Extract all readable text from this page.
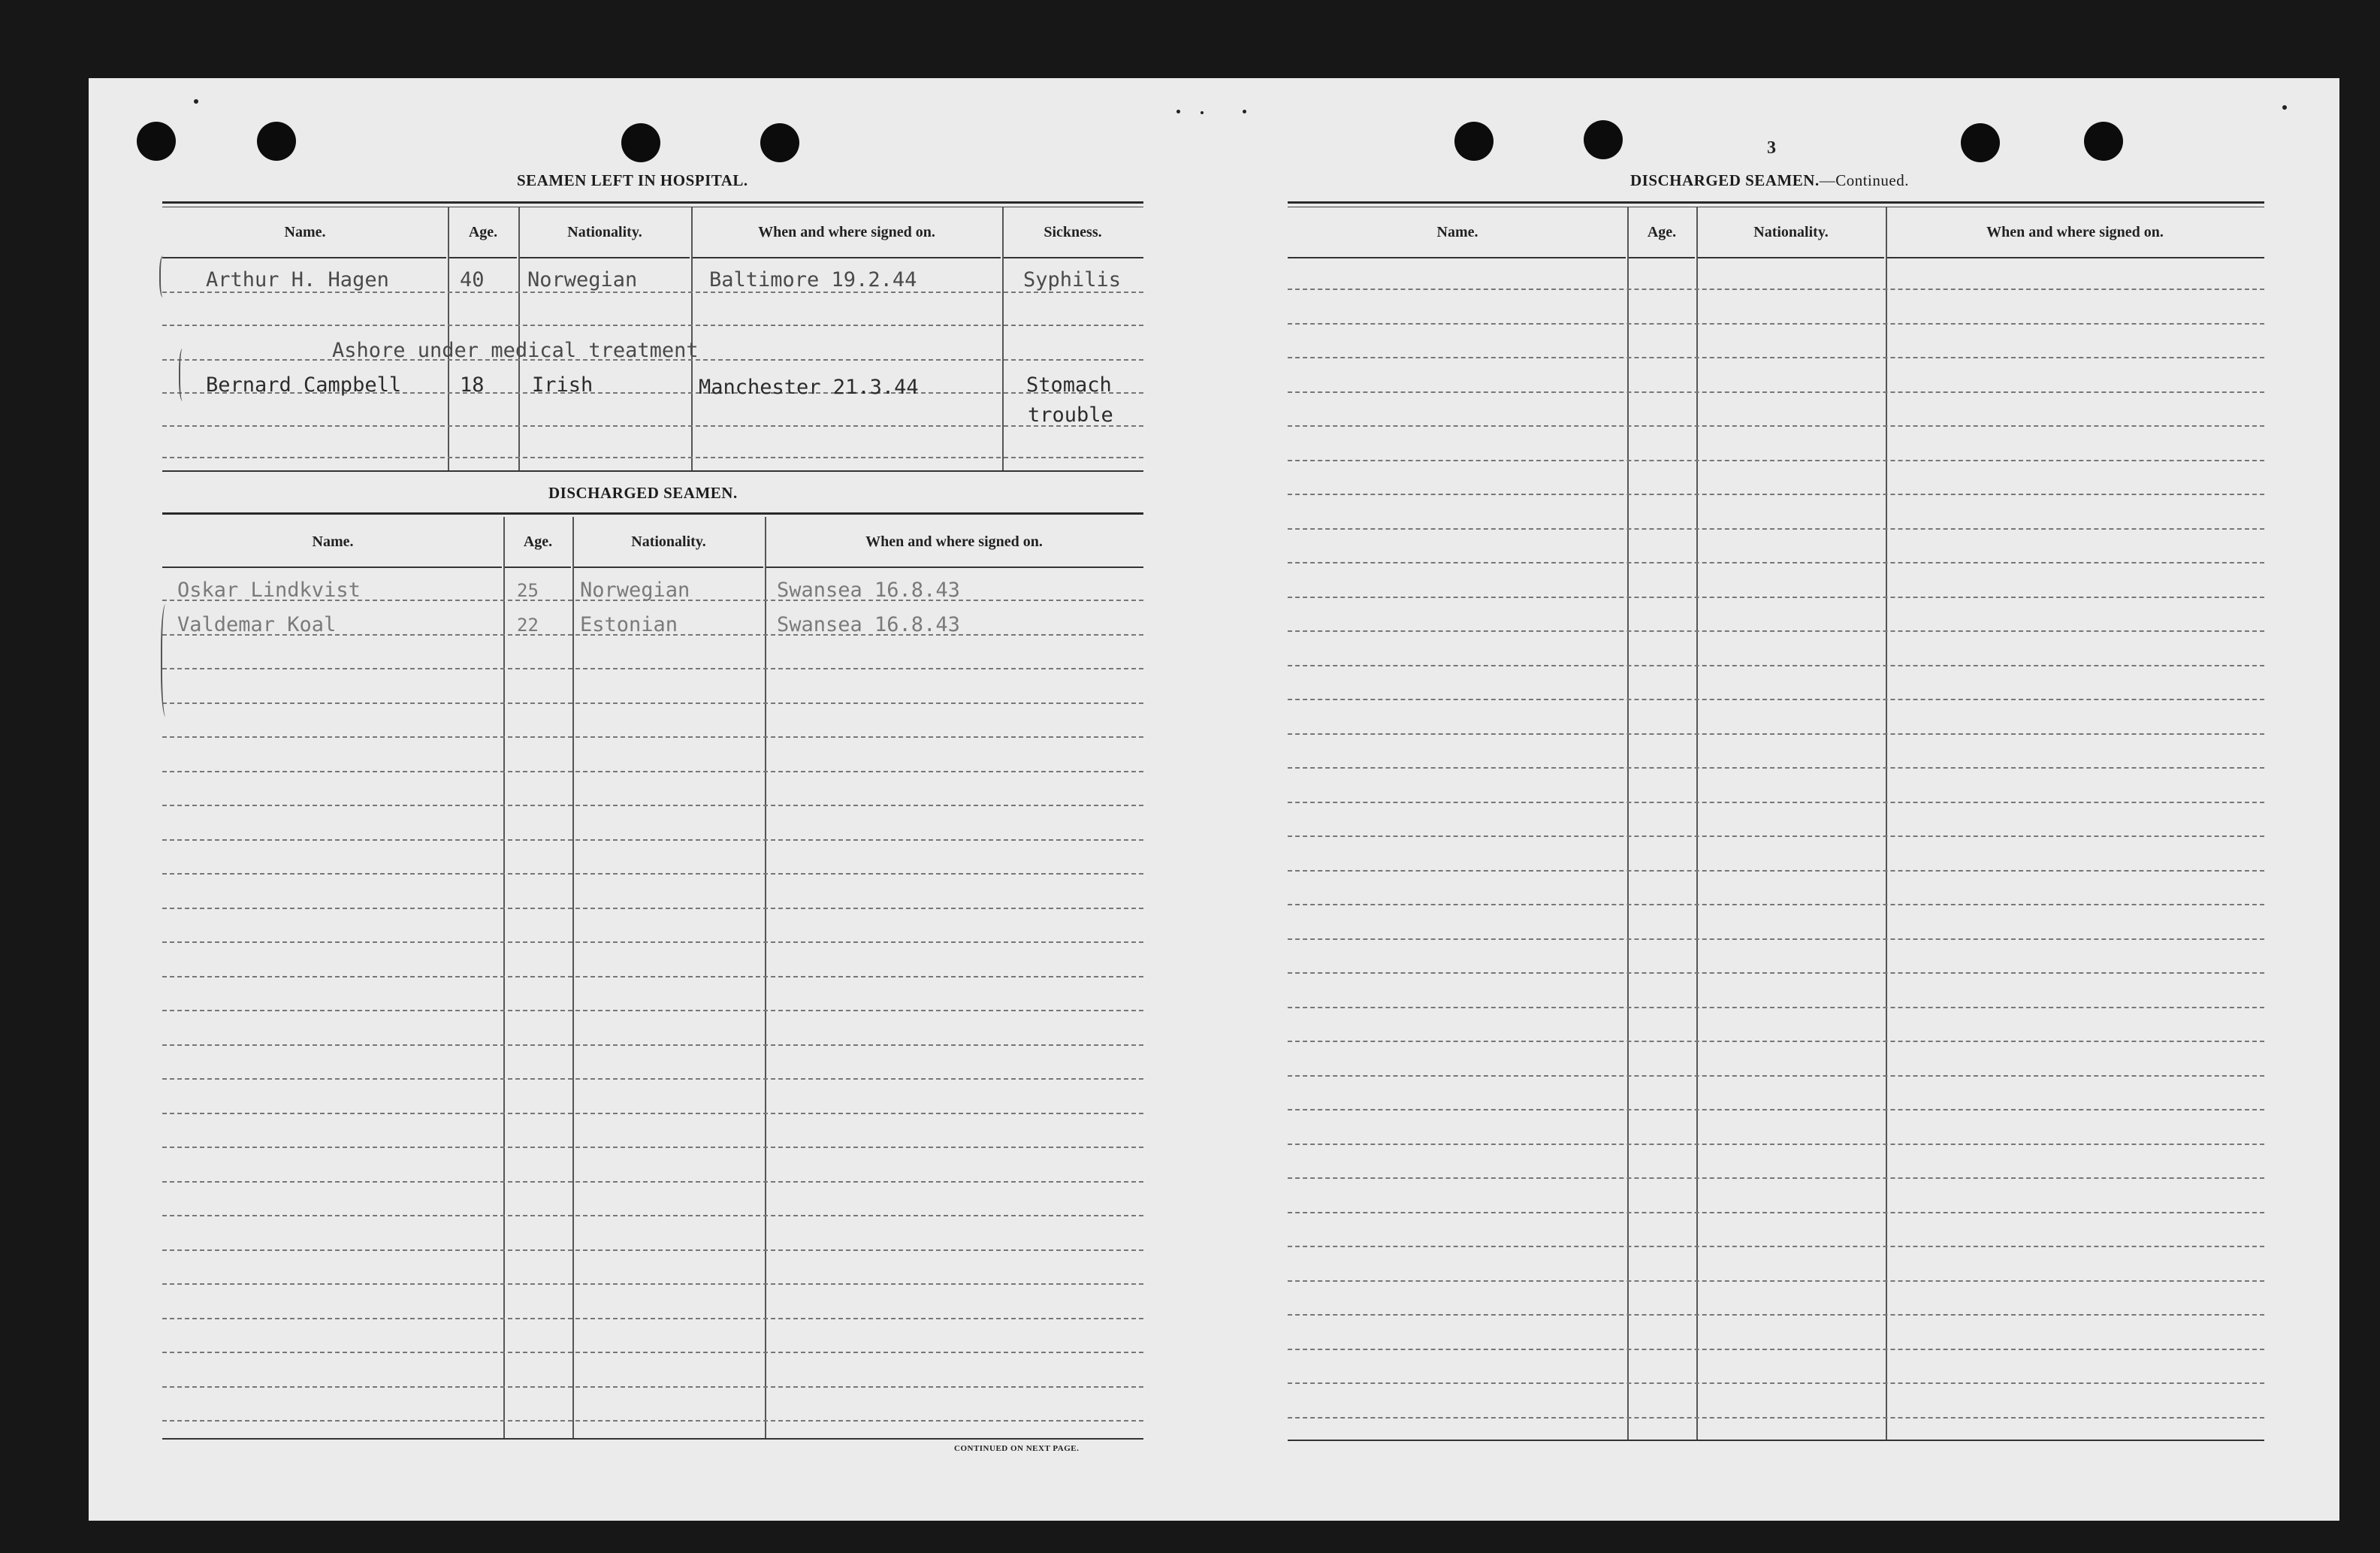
SEAMEN LEFT IN HOSPITAL.
Name.	Age.	Nationality.	When and where signed on.	Sickness.
Arthur H. Hagen	40 Norwegian	Baltimore 19.2.44	Syphilis
Ashore under medical treatment
Bernard Campbell	18 Irish	Manchester 21.3.44	Stomach
trouble
DISCHARGED SEAMEN.
Name.	Age.	Nationality.	When and where signed on.
Oskar Lindkvist	25 Norwegian	Swansea 16.8.43
Valdemar Koal	22 Estonian	Swansea 16.8.43
CONTINUED ON NEXT PAGE.
3
DISCHARGED SEAMEN.—Continued.
Name.	Age.	Nationality.	When and where signed on.
